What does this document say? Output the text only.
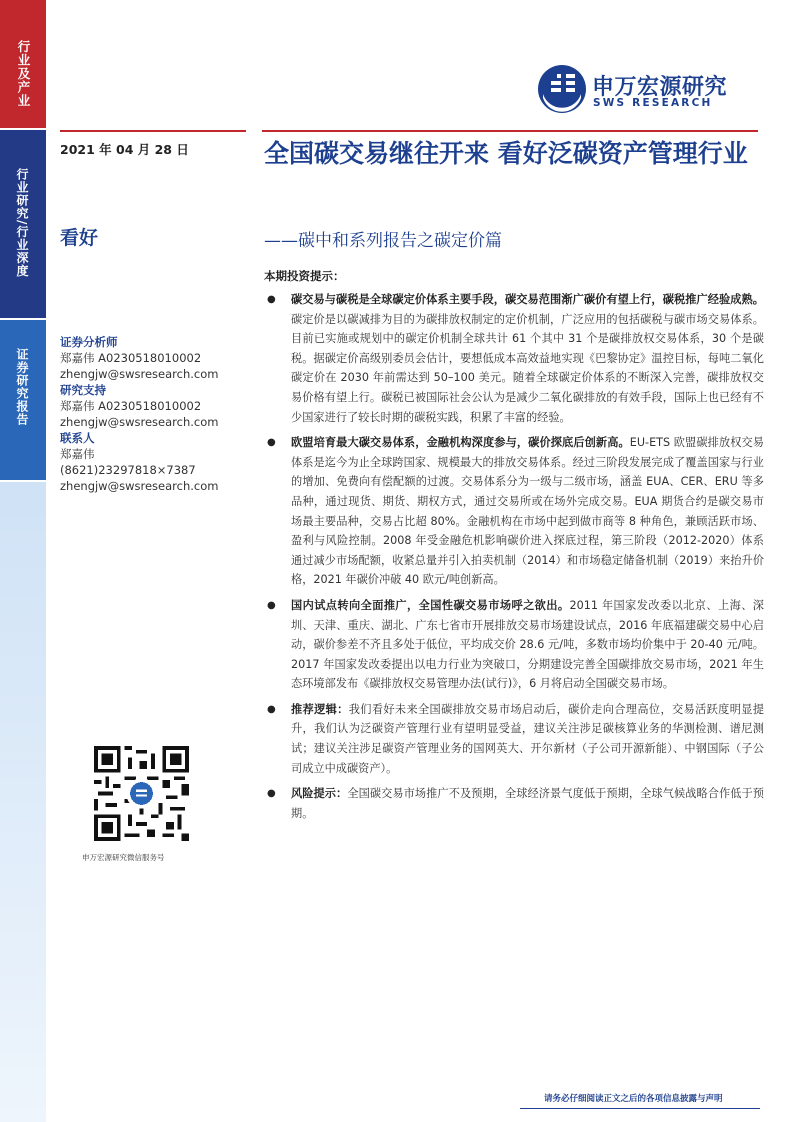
行业及产业
行业研究/行业深度
证券研究报告
申万宏源研究
SWS RESEARCH
2021 年 04 月 28 日
看好
全国碳交易继往开来 看好泛碳资产管理行业
——碳中和系列报告之碳定价篇
证券分析师
郑嘉伟 A0230518010002
zhengjw@swsresearch.com
研究支持
郑嘉伟 A0230518010002
zhengjw@swsresearch.com
联系人
郑嘉伟
(8621)23297818×7387
zhengjw@swsresearch.com
申万宏源研究微信服务号
本期投资提示：
● 碳交易与碳税是全球碳定价体系主要手段，碳交易范围渐广碳价有望上行，碳税推广经验成熟。碳定价是以碳减排为目的为碳排放权制定的定价机制，广泛应用的包括碳税与碳市场交易体系。目前已实施或规划中的碳定价机制全球共计 61 个其中 31 个是碳排放权交易体系，30 个是碳税。据碳定价高级别委员会估计，要想低成本高效益地实现《巴黎协定》温控目标，每吨二氧化碳定价在 2030 年前需达到 50–100 美元。随着全球碳定价体系的不断深入完善，碳排放权交易价格有望上行。碳税已被国际社会公认为是减少二氧化碳排放的有效手段，国际上也已经有不少国家进行了较长时期的碳税实践，积累了丰富的经验。
● 欧盟培育最大碳交易体系，金融机构深度参与，碳价探底后创新高。EU-ETS 欧盟碳排放权交易体系是迄今为止全球跨国家、规模最大的排放交易体系。经过三阶段发展完成了覆盖国家与行业的增加、免费向有偿配额的过渡。交易体系分为一级与二级市场，涵盖 EUA、CER、ERU 等多品种，通过现货、期货、期权方式，通过交易所或在场外完成交易。EUA 期货合约是碳交易市场最主要品种，交易占比超 80%。金融机构在市场中起到做市商等 8 种角色，兼顾活跃市场、盈利与风险控制。2008 年受金融危机影响碳价进入探底过程，第三阶段（2012-2020）体系通过减少市场配额，收紧总量并引入拍卖机制（2014）和市场稳定储备机制（2019）来抬升价格，2021 年碳价冲破 40 欧元/吨创新高。
● 国内试点转向全面推广，全国性碳交易市场呼之欲出。2011 年国家发改委以北京、上海、深圳、天津、重庆、湖北、广东七省市开展排放交易市场建设试点，2016 年底福建碳交易中心启动，碳价参差不齐且多处于低位，平均成交价 28.6 元/吨，多数市场均价集中于 20-40 元/吨。2017 年国家发改委提出以电力行业为突破口，分期建设完善全国碳排放交易市场，2021 年生态环境部发布《碳排放权交易管理办法(试行)》，6 月将启动全国碳交易市场。
● 推荐逻辑：我们看好未来全国碳排放交易市场启动后，碳价走向合理高位，交易活跃度明显提升，我们认为泛碳资产管理行业有望明显受益，建议关注涉足碳核算业务的华测检测、谱尼测试；建议关注涉足碳资产管理业务的国网英大、开尔新材（子公司开源新能）、中钢国际（子公司成立中成碳资产）。
● 风险提示：全国碳交易市场推广不及预期，全球经济景气度低于预期，全球气候战略合作低于预期。
请务必仔细阅读正文之后的各项信息披露与声明
